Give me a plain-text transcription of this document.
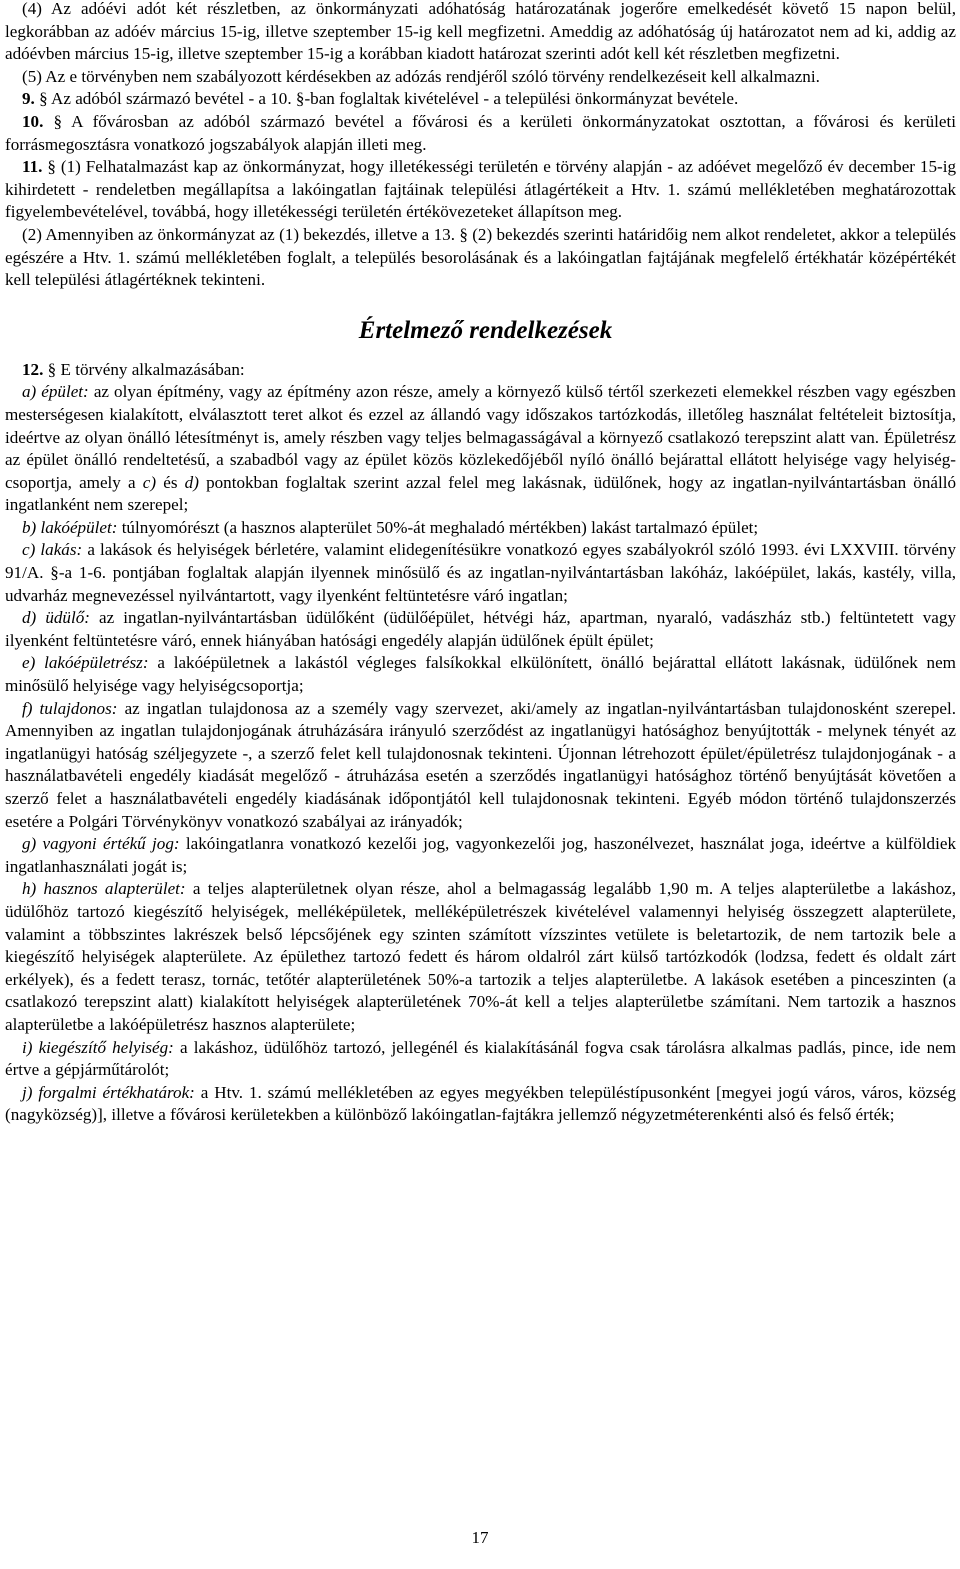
(4) Az adóévi adót két részletben, az önkormányzati adóhatóság határozatának jogerőre emelkedését követő 15 napon belül, legkorábban az adóév március 15-ig, illetve szeptember 15-ig kell megfizetni. Ameddig az adóhatóság új határozatot nem ad ki, addig az adóévben március 15-ig, illetve szeptember 15-ig a korábban kiadott határozat szerinti adót kell két részletben megfizetni.

(5) Az e törvényben nem szabályozott kérdésekben az adózás rendjéről szóló törvény rendelkezéseit kell alkalmazni.

9. § Az adóból származó bevétel - a 10. §-ban foglaltak kivételével - a települési önkormányzat bevétele.

10. § A fővárosban az adóból származó bevétel a fővárosi és a kerületi önkormányzatokat osztottan, a fővárosi és kerületi forrásmegosztásra vonatkozó jogszabályok alapján illeti meg.

11. § (1) Felhatalmazást kap az önkormányzat, hogy illetékességi területén e törvény alapján - az adóévet megelőző év december 15-ig kihirdetett - rendeletben megállapítsa a lakóingatlan fajtáinak települési átlagértékeit a Htv. 1. számú mellékletében meghatározottak figyelembevételével, továbbá, hogy illetékességi területén értékövezeteket állapítson meg.

(2) Amennyiben az önkormányzat az (1) bekezdés, illetve a 13. § (2) bekezdés szerinti határidőig nem alkot rendeletet, akkor a település egészére a Htv. 1. számú mellékletében foglalt, a település besorolásának és a lakóingatlan fajtájának megfelelő értékhatár középértékét kell települési átlagértéknek tekinteni.

Értelmező rendelkezések

12. § E törvény alkalmazásában:

a) épület: az olyan építmény, vagy az építmény azon része, amely a környező külső tértől szerkezeti elemekkel részben vagy egészben mesterségesen kialakított, elválasztott teret alkot és ezzel az állandó vagy időszakos tartózkodás, illetőleg használat feltételeit biztosítja, ideértve az olyan önálló létesítményt is, amely részben vagy teljes belmagasságával a környező csatlakozó terepszint alatt van. Épületrész az épület önálló rendeltetésű, a szabadból vagy az épület közös közlekedőjéből nyíló önálló bejárattal ellátott helyisége vagy helyiség-csoportja, amely a c) és d) pontokban foglaltak szerint azzal felel meg lakásnak, üdülőnek, hogy az ingatlan-nyilvántartásban önálló ingatlanként nem szerepel;

b) lakóépület: túlnyomórészt (a hasznos alapterület 50%-át meghaladó mértékben) lakást tartalmazó épület;

c) lakás: a lakások és helyiségek bérletére, valamint elidegenítésükre vonatkozó egyes szabályokról szóló 1993. évi LXXVIII. törvény 91/A. §-a 1-6. pontjában foglaltak alapján ilyennek minősülő és az ingatlan-nyilvántartásban lakóház, lakóépület, lakás, kastély, villa, udvarház megnevezéssel nyilvántartott, vagy ilyenként feltüntetésre váró ingatlan;

d) üdülő: az ingatlan-nyilvántartásban üdülőként (üdülőépület, hétvégi ház, apartman, nyaraló, vadászház stb.) feltüntetett vagy ilyenként feltüntetésre váró, ennek hiányában hatósági engedély alapján üdülőnek épült épület;

e) lakóépületrész: a lakóépületnek a lakástól végleges falsíkokkal elkülönített, önálló bejárattal ellátott lakásnak, üdülőnek nem minősülő helyisége vagy helyiségcsoportja;

f) tulajdonos: az ingatlan tulajdonosa az a személy vagy szervezet, aki/amely az ingatlan-nyilvántartásban tulajdonosként szerepel. Amennyiben az ingatlan tulajdonjogának átruházására irányuló szerződést az ingatlanügyi hatósághoz benyújtották - melynek tényét az ingatlanügyi hatóság széljegyzete -, a szerző felet kell tulajdonosnak tekinteni. Újonnan létrehozott épület/épületrész tulajdonjogának - a használatbavételi engedély kiadását megelőző - átruházása esetén a szerződés ingatlanügyi hatósághoz történő benyújtását követően a szerző felet a használatbavételi engedély kiadásának időpontjától kell tulajdonosnak tekinteni. Egyéb módon történő tulajdonszerzés esetére a Polgári Törvénykönyv vonatkozó szabályai az irányadók;

g) vagyoni értékű jog: lakóingatlanra vonatkozó kezelői jog, vagyonkezelői jog, haszonélvezet, használat joga, ideértve a külföldiek ingatlanhasználati jogát is;

h) hasznos alapterület: a teljes alapterületnek olyan része, ahol a belmagasság legalább 1,90 m. A teljes alapterületbe a lakáshoz, üdülőhöz tartozó kiegészítő helyiségek, melléképületek, melléképületrészek kivételével valamennyi helyiség összegzett alapterülete, valamint a többszintes lakrészek belső lépcsőjének egy szinten számított vízszintes vetülete is beletartozik, de nem tartozik bele a kiegészítő helyiségek alapterülete. Az épülethez tartozó fedett és három oldalról zárt külső tartózkodók (lodzsa, fedett és oldalt zárt erkélyek), és a fedett terasz, tornác, tetőtér alapterületének 50%-a tartozik a teljes alapterületbe. A lakások esetében a pinceszinten (a csatlakozó terepszint alatt) kialakított helyiségek alapterületének 70%-át kell a teljes alapterületbe számítani. Nem tartozik a hasznos alapterületbe a lakóépületrész hasznos alapterülete;

i) kiegészítő helyiség: a lakáshoz, üdülőhöz tartozó, jellegénél és kialakításánál fogva csak tárolásra alkalmas padlás, pince, ide nem értve a gépjárműtárolót;

j) forgalmi értékhatárok: a Htv. 1. számú mellékletében az egyes megyékben településtípusonként [megyei jogú város, város, község (nagyközség)], illetve a fővárosi kerületekben a különböző lakóingatlan-fajtákra jellemző négyzetméterenkénti alsó és felső érték;

17
